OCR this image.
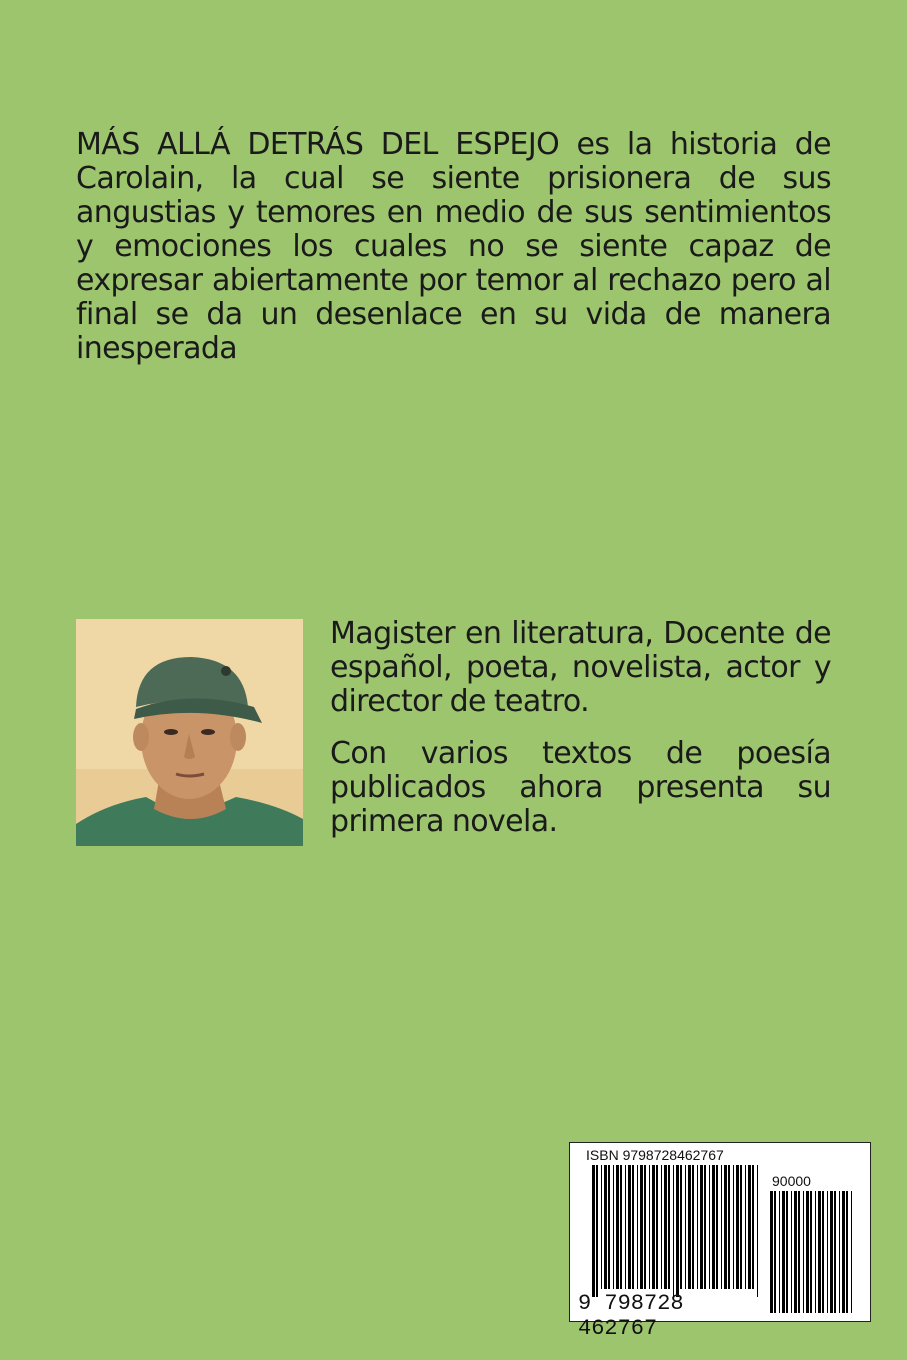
MÁS ALLÁ DETRÁS DEL ESPEJO es la historia de Carolain, la cual se siente prisionera de sus angustias y temores en medio de sus sentimientos y emociones los cuales no se siente capaz de expresar abiertamente por temor al rechazo pero al final se da un desenlace en su vida de manera inesperada

Magister en literatura, Docente de español, poeta, novelista, actor y director de teatro.

Con varios textos de poesía publicados ahora presenta su primera novela.

ISBN 9798728462767
90000
9 798728 462767
